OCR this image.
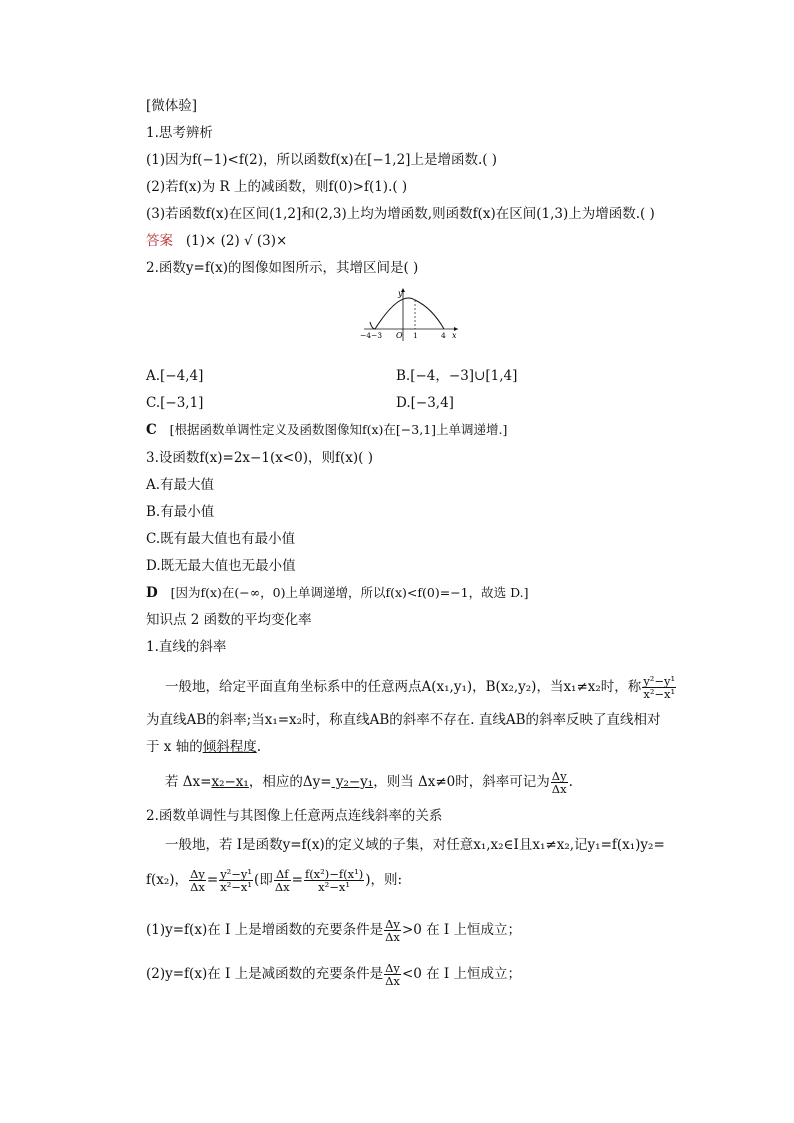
[微体验]
1.思考辨析
(1)因为f(−1)<f(2)，所以函数f(x)在[−1,2]上是增函数.( )
(2)若f(x)为 R 上的减函数，则f(0)>f(1).( )
(3)若函数f(x)在区间(1,2]和(2,3)上均为增函数,则函数f(x)在区间(1,3)上为增函数.( )
答案 (1)× (2) √ (3)×
2.函数y=f(x)的图像如图所示，其增区间是( )
y
x
O
−4 −3	1	4
A.[−4,4]	B.[−4，−3]∪[1,4]
C.[−3,1]	D.[−3,4]
C [根据函数单调性定义及函数图像知f(x)在[−3,1]上单调递增.]
3.设函数f(x)=2x−1(x<0)，则f(x)( )
A.有最大值
B.有最小值
C.既有最大值也有最小值
D.既无最大值也无最小值
D [因为f(x)在(−∞，0)上单调递增，所以f(x)<f(0)=−1，故选 D.]
知识点 2 函数的平均变化率
1.直线的斜率
一般地，给定平面直角坐标系中的任意两点A(x₁,y₁)，B(x₂,y₂)，当x₁≠x₂时，称 $\frac{\text{y²−y¹}}{\text{x²−x¹}}$
为直线AB的斜率;当x₁=x₂时，称直线AB的斜率不存在. 直线AB的斜率反映了直线相对
于 x 轴的倾斜程度.
若 Δx=x₂−x₁，相应的Δy= y₂−y₁，则当 Δx≠0时，斜率可记为 $\frac{\Delta y}{\Delta x}$ .
2.函数单调性与其图像上任意两点连线斜率的关系
一般地，若 I是函数y=f(x)的定义域的子集，对任意x₁,x₂∈I且x₁≠x₂,记y₁=f(x₁)y₂=
f(x₂)， $\frac{\Delta y}{\Delta x} = \frac{\text{y²−y¹}}{\text{x²−x¹}}$ (即 $\frac{\Delta f}{\Delta x} = \frac{\text{f(x²)−f(x¹)}}{\text{x²−x¹}}$ )，则:
(1)y=f(x)在 I 上是增函数的充要条件是 $\frac{\Delta y}{\Delta x} >0$ 在 I 上恒成立；
(2)y=f(x)在 I 上是减函数的充要条件是 $\frac{\Delta y}{\Delta x} <0$ 在 I 上恒成立；
